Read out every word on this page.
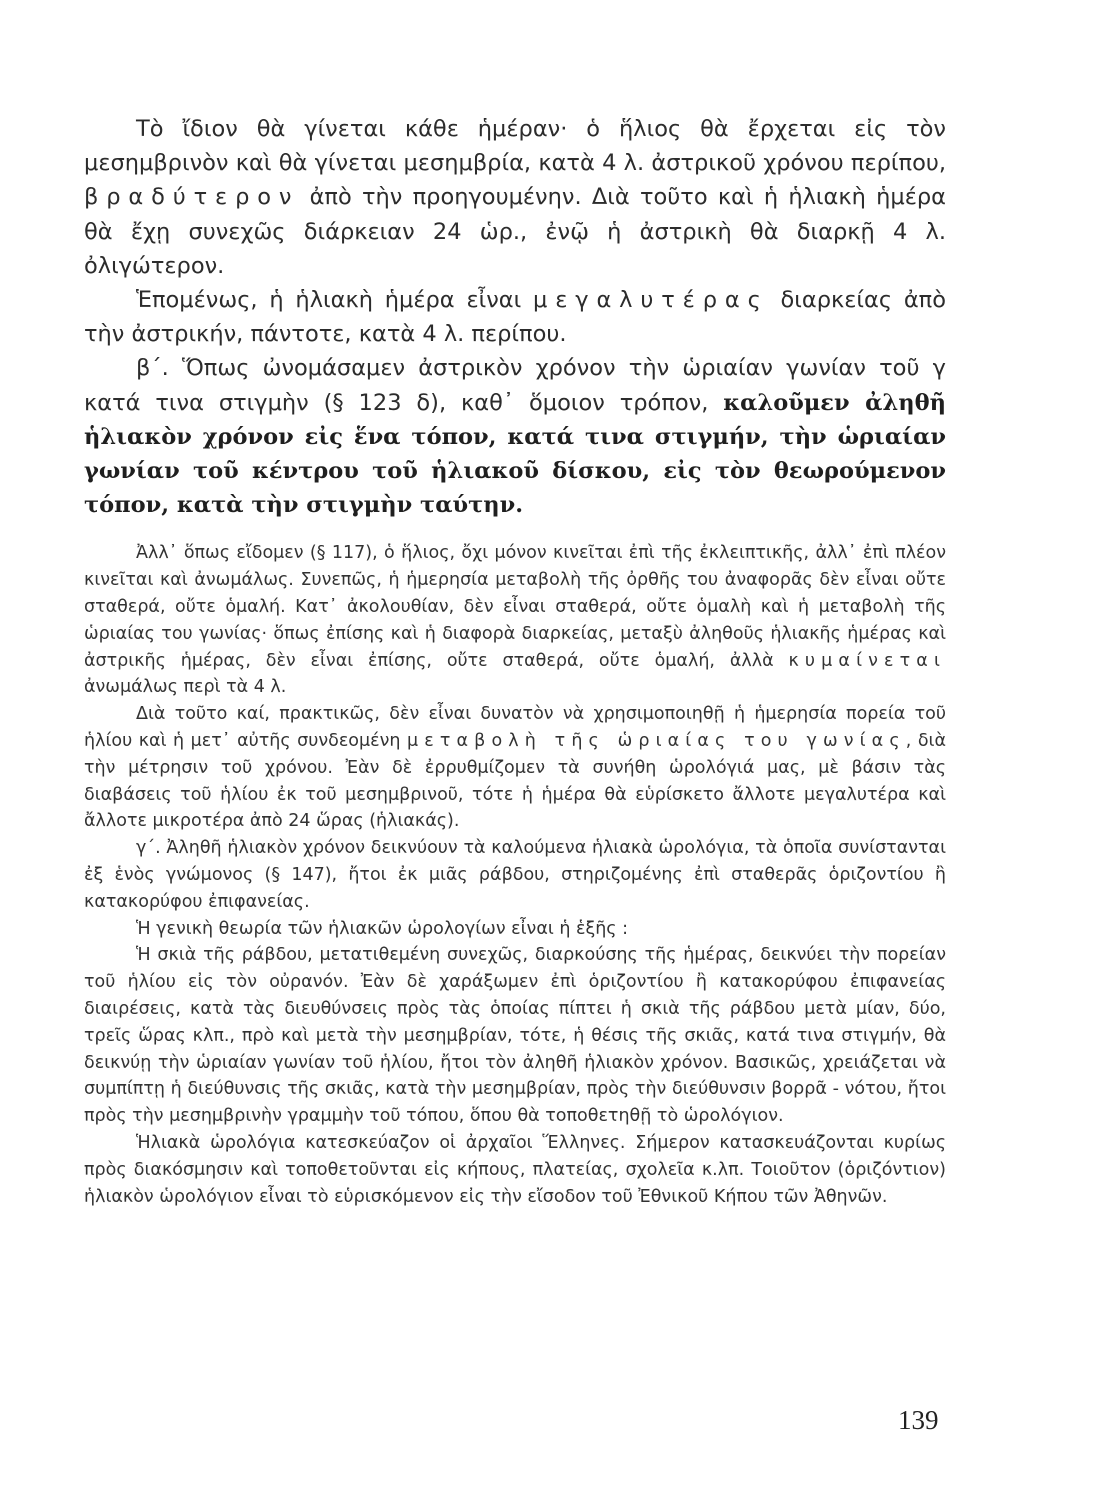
Τὸ ἴδιον θὰ γίνεται κάθε ἡμέραν· ὁ ἥλιος θὰ ἔρχεται εἰς τὸν μεσημβρινὸν καὶ θὰ γίνεται μεσημβρία, κατὰ 4 λ. ἀστρικοῦ χρόνου περίπου, βραδύτερον ἀπὸ τὴν προηγουμένην. Διὰ τοῦτο καὶ ἡ ἡλιακὴ ἡμέρα θὰ ἔχῃ συνεχῶς διάρκειαν 24 ὡρ., ἐνῷ ἡ ἀστρικὴ θὰ διαρκῇ 4 λ. ὀλιγώτερον.

Ἑπομένως, ἡ ἡλιακὴ ἡμέρα εἶναι μεγαλυτέρας διαρκείας ἀπὸ τὴν ἀστρικήν, πάντοτε, κατὰ 4 λ. περίπου.

β΄. Ὅπως ὠνομάσαμεν ἀστρικὸν χρόνον τὴν ὡριαίαν γωνίαν τοῦ γ κατά τινα στιγμὴν (§ 123 δ), καθ᾽ ὅμοιον τρόπον, καλοῦμεν ἀληθῆ ἡλιακὸν χρόνον εἰς ἕνα τόπον, κατά τινα στιγμήν, τὴν ὡριαίαν γωνίαν τοῦ κέντρου τοῦ ἡλιακοῦ δίσκου, εἰς τὸν θεωρούμενον τόπον, κατὰ τὴν στιγμὴν ταύτην.

Ἀλλ᾽ ὅπως εἴδομεν (§ 117), ὁ ἥλιος, ὄχι μόνον κινεῖται ἐπὶ τῆς ἐκλειπτικῆς, ἀλλ᾽ ἐπὶ πλέον κινεῖται καὶ ἀνωμάλως. Συνεπῶς, ἡ ἡμερησία μεταβολὴ τῆς ὀρθῆς του ἀναφορᾶς δὲν εἶναι οὔτε σταθερά, οὔτε ὁμαλή. Κατ᾽ ἀκολουθίαν, δὲν εἶναι σταθερά, οὔτε ὁμαλὴ καὶ ἡ μεταβολὴ τῆς ὡριαίας του γωνίας· ὅπως ἐπίσης καὶ ἡ διαφορὰ διαρκείας, μεταξὺ ἀληθοῦς ἡλιακῆς ἡμέρας καὶ ἀστρικῆς ἡμέρας, δὲν εἶναι ἐπίσης, οὔτε σταθερά, οὔτε ὁμαλή, ἀλλὰ κυμαίνεται ἀνωμάλως περὶ τὰ 4 λ.

Διὰ τοῦτο καί, πρακτικῶς, δὲν εἶναι δυνατὸν νὰ χρησιμοποιηθῇ ἡ ἡμερησία πορεία τοῦ ἡλίου καὶ ἡ μετ᾽ αὐτῆς συνδεομένη μεταβολὴ τῆς ὡριαίας του γωνίας, διὰ τὴν μέτρησιν τοῦ χρόνου. Ἐὰν δὲ ἐρρυθμίζομεν τὰ συνήθη ὡρολόγιά μας, μὲ βάσιν τὰς διαβάσεις τοῦ ἡλίου ἐκ τοῦ μεσημβρινοῦ, τότε ἡ ἡμέρα θὰ εὑρίσκετο ἄλλοτε μεγαλυτέρα καὶ ἄλλοτε μικροτέρα ἀπὸ 24 ὥρας (ἡλιακάς).

γ΄. Ἀληθῆ ἡλιακὸν χρόνον δεικνύουν τὰ καλούμενα ἡλιακὰ ὡρολόγια, τὰ ὁποῖα συνίστανται ἐξ ἑνὸς γνώμονος (§ 147), ἤτοι ἐκ μιᾶς ράβδου, στηριζομένης ἐπὶ σταθερᾶς ὁριζοντίου ἢ κατακορύφου ἐπιφανείας.

Ἡ γενικὴ θεωρία τῶν ἡλιακῶν ὡρολογίων εἶναι ἡ ἑξῆς :

Ἡ σκιὰ τῆς ράβδου, μετατιθεμένη συνεχῶς, διαρκούσης τῆς ἡμέρας, δεικνύει τὴν πορείαν τοῦ ἡλίου εἰς τὸν οὐρανόν. Ἐὰν δὲ χαράξωμεν ἐπὶ ὁριζοντίου ἢ κατακορύφου ἐπιφανείας διαιρέσεις, κατὰ τὰς διευθύνσεις πρὸς τὰς ὁποίας πίπτει ἡ σκιὰ τῆς ράβδου μετὰ μίαν, δύο, τρεῖς ὥρας κλπ., πρὸ καὶ μετὰ τὴν μεσημβρίαν, τότε, ἡ θέσις τῆς σκιᾶς, κατά τινα στιγμήν, θὰ δεικνύῃ τὴν ὡριαίαν γωνίαν τοῦ ἡλίου, ἤτοι τὸν ἀληθῆ ἡλιακὸν χρόνον. Βασικῶς, χρειάζεται νὰ συμπίπτῃ ἡ διεύθυνσις τῆς σκιᾶς, κατὰ τὴν μεσημβρίαν, πρὸς τὴν διεύθυνσιν βορρᾶ - νότου, ἤτοι πρὸς τὴν μεσημβρινὴν γραμμὴν τοῦ τόπου, ὅπου θὰ τοποθετηθῇ τὸ ὡρολόγιον.

Ἡλιακὰ ὡρολόγια κατεσκεύαζον οἱ ἀρχαῖοι Ἕλληνες. Σήμερον κατασκευάζονται κυρίως πρὸς διακόσμησιν καὶ τοποθετοῦνται εἰς κήπους, πλατείας, σχολεῖα κ.λπ. Τοιοῦτον (ὁριζόντιον) ἡλιακὸν ὡρολόγιον εἶναι τὸ εὑρισκόμενον εἰς τὴν εἴσοδον τοῦ Ἐθνικοῦ Κήπου τῶν Ἀθηνῶν.

139
